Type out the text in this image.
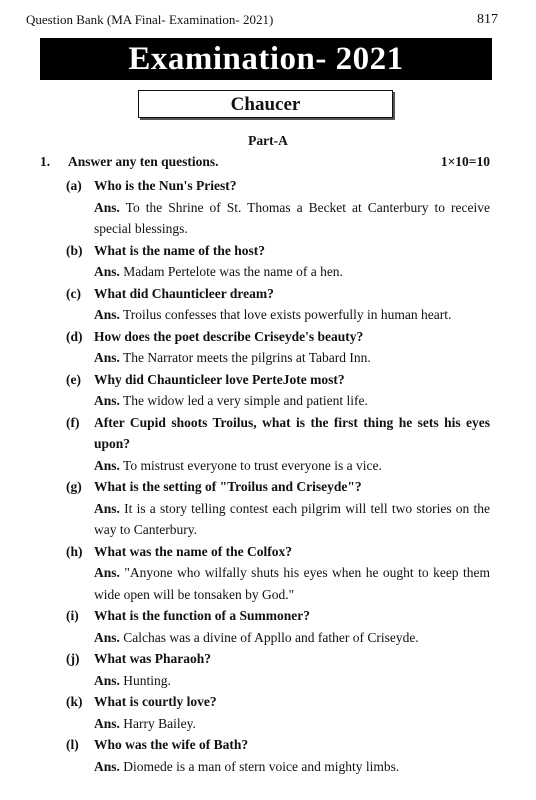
Question Bank (MA Final- Examination- 2021)	817
Examination- 2021
Chaucer
Part-A
1. Answer any ten questions.	1×10=10
(a) Who is the Nun's Priest?
Ans. To the Shrine of St. Thomas a Becket at Canterbury to receive special blessings.
(b) What is the name of the host?
Ans. Madam Pertelote was the name of a hen.
(c) What did Chaunticleer dream?
Ans. Troilus confesses that love exists powerfully in human heart.
(d) How does the poet describe Criseyde's beauty?
Ans. The Narrator meets the pilgrins at Tabard Inn.
(e) Why did Chaunticleer love PerteJote most?
Ans. The widow led a very simple and patient life.
(f) After Cupid shoots Troilus, what is the first thing he sets his eyes upon?
Ans. To mistrust everyone to trust everyone is a vice.
(g) What is the setting of "Troilus and Criseyde"?
Ans. It is a story telling contest each pilgrim will tell two stories on the way to Canterbury.
(h) What was the name of the Colfox?
Ans. "Anyone who wilfally shuts his eyes when he ought to keep them wide open will be tonsaken by God."
(i) What is the function of a Summoner?
Ans. Calchas was a divine of Appllo and father of Criseyde.
(j) What was Pharaoh?
Ans. Hunting.
(k) What is courtly love?
Ans. Harry Bailey.
(l) Who was the wife of Bath?
Ans. Diomede is a man of stern voice and mighty limbs.
